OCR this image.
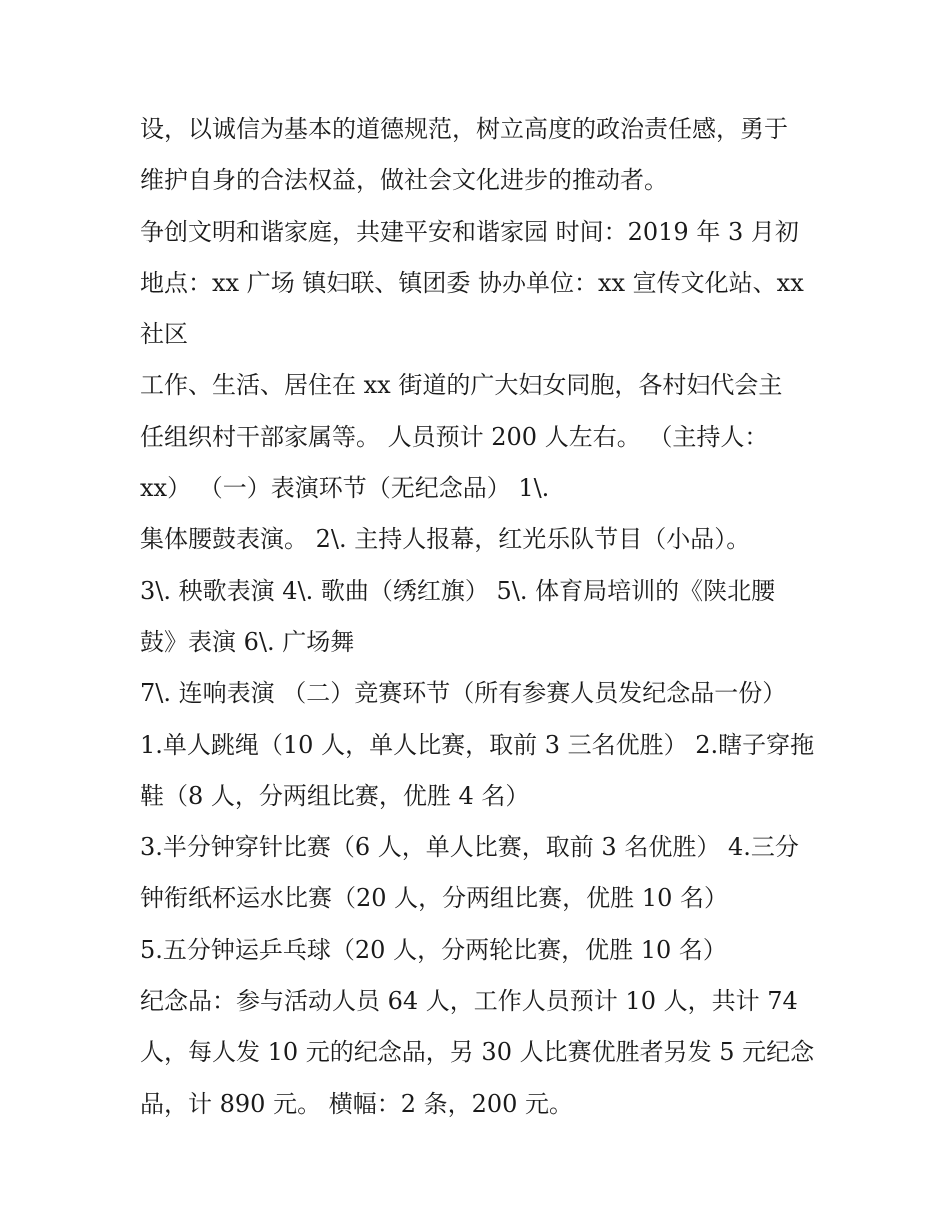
设，以诚信为基本的道德规范，树立高度的政治责任感，勇于
维护自身的合法权益，做社会文化进步的推动者。
争创文明和谐家庭，共建平安和谐家园 时间：2019 年 3 月初
地点：xx 广场 镇妇联、镇团委 协办单位：xx 宣传文化站、xx
社区
工作、生活、居住在 xx 街道的广大妇女同胞，各村妇代会主
任组织村干部家属等。 人员预计 200 人左右。 （主持人：
xx） （一）表演环节（无纪念品） 1\.
集体腰鼓表演。 2\. 主持人报幕，红光乐队节目（小品）。
3\. 秧歌表演 4\. 歌曲（绣红旗） 5\. 体育局培训的《陕北腰
鼓》表演 6\. 广场舞
7\. 连响表演 （二）竞赛环节（所有参赛人员发纪念品一份）
1.单人跳绳（10 人，单人比赛，取前 3 三名优胜） 2.瞎子穿拖
鞋（8 人，分两组比赛，优胜 4 名）
3.半分钟穿针比赛（6 人，单人比赛，取前 3 名优胜） 4.三分
钟衔纸杯运水比赛（20 人，分两组比赛，优胜 10 名）
5.五分钟运乒乓球（20 人，分两轮比赛，优胜 10 名）
纪念品：参与活动人员 64 人，工作人员预计 10 人，共计 74
人，每人发 10 元的纪念品，另 30 人比赛优胜者另发 5 元纪念
品，计 890 元。 横幅：2 条，200 元。
